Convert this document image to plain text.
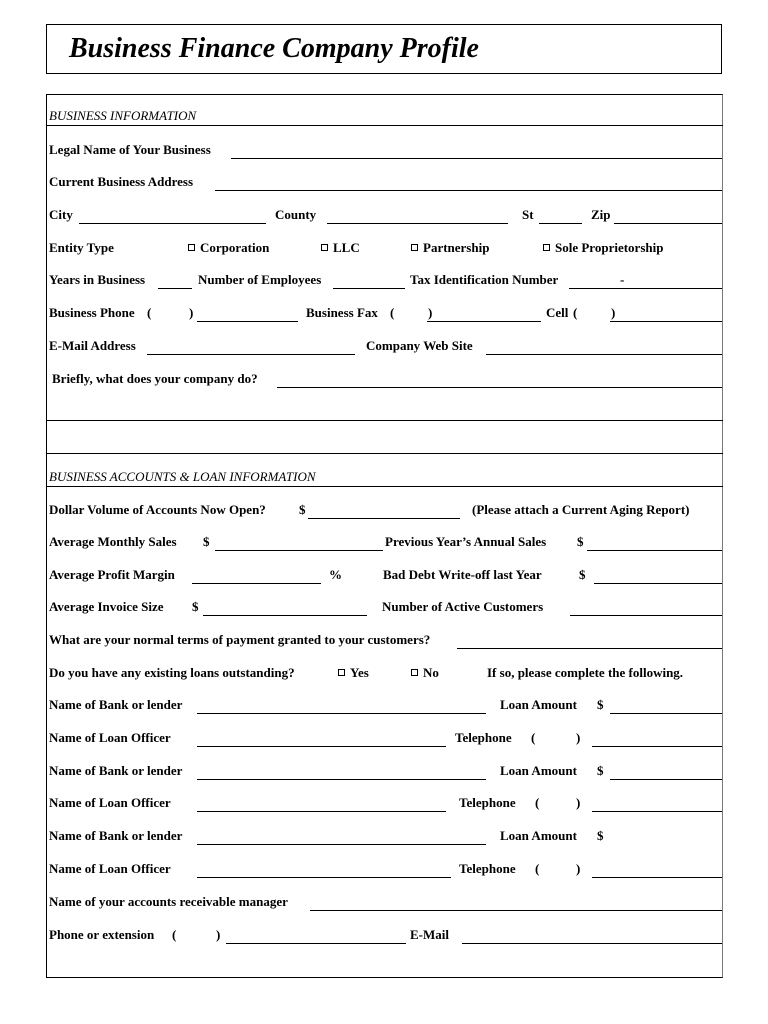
Business Finance Company Profile
BUSINESS INFORMATION
Legal Name of Your Business
Current Business Address
City	County	St	Zip
Entity Type	Corporation	LLC	Partnership	Sole Proprietorship
Years in Business	Number of Employees	Tax Identification Number	-
Business Phone (	)	Business Fax (	)	Cell (	)
E-Mail Address	Company Web Site
Briefly, what does your company do?
BUSINESS ACCOUNTS & LOAN INFORMATION
Dollar Volume of Accounts Now Open?	$	(Please attach a Current Aging Report)
Average Monthly Sales $	Previous Year’s Annual Sales $
Average Profit Margin	%	Bad Debt Write-off last Year	$
Average Invoice Size $	Number of Active Customers
What are your normal terms of payment granted to your customers?
Do you have any existing loans outstanding?	Yes	No	If so, please complete the following.
Name of Bank or lender	Loan Amount $
Name of Loan Officer	Telephone (	)
Name of Bank or lender	Loan Amount $
Name of Loan Officer	Telephone (	)
Name of Bank or lender	Loan Amount $
Name of Loan Officer	Telephone (	)
Name of your accounts receivable manager
Phone or extension (	)	E-Mail
